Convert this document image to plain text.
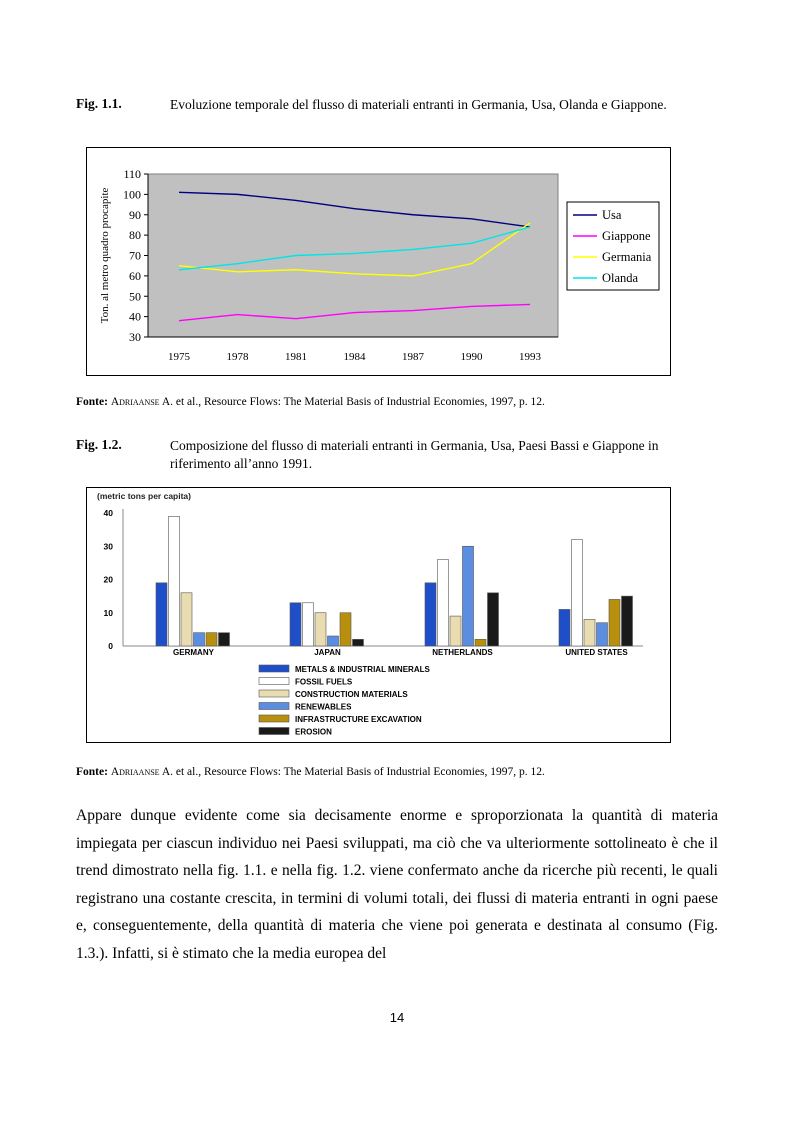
Fig. 1.1.	Evoluzione temporale del flusso di materiali entranti in Germania, Usa, Olanda e Giappone.
30
40
50
60
70
80
90
100
110
1975	1978	1981	1984	1987	1990	1993
Ton. al metro quadro procapite	Usa
Giappone
Germania
Olanda
Fonte: Adriaanse A. et al., Resource Flows: The Material Basis of Industrial Economies, 1997, p. 12.
Fig. 1.2.	Composizione del flusso di materiali entranti in Germania, Usa, Paesi Bassi e Giappone in riferimento all’anno 1991.
(metric tons per capita)
0
10
20
30
40
GERMANY	JAPAN	NETHERLANDS	UNITED STATES
METALS & INDUSTRIAL MINERALS
FOSSIL FUELS
CONSTRUCTION MATERIALS
RENEWABLES
INFRASTRUCTURE EXCAVATION
EROSION
Fonte: Adriaanse A. et al., Resource Flows: The Material Basis of Industrial Economies, 1997, p. 12.
Appare dunque evidente come sia decisamente enorme e sproporzionata la quantità di materia impiegata per ciascun individuo nei Paesi sviluppati, ma ciò che va ulteriormente sottolineato è che il trend dimostrato nella fig. 1.1. e nella fig. 1.2. viene confermato anche da ricerche più recenti, le quali registrano una costante crescita, in termini di volumi totali, dei flussi di materia entranti in ogni paese e, conseguentemente, della quantità di materia che viene poi generata e destinata al consumo (Fig. 1.3.). Infatti, si è stimato che la media europea del
14
